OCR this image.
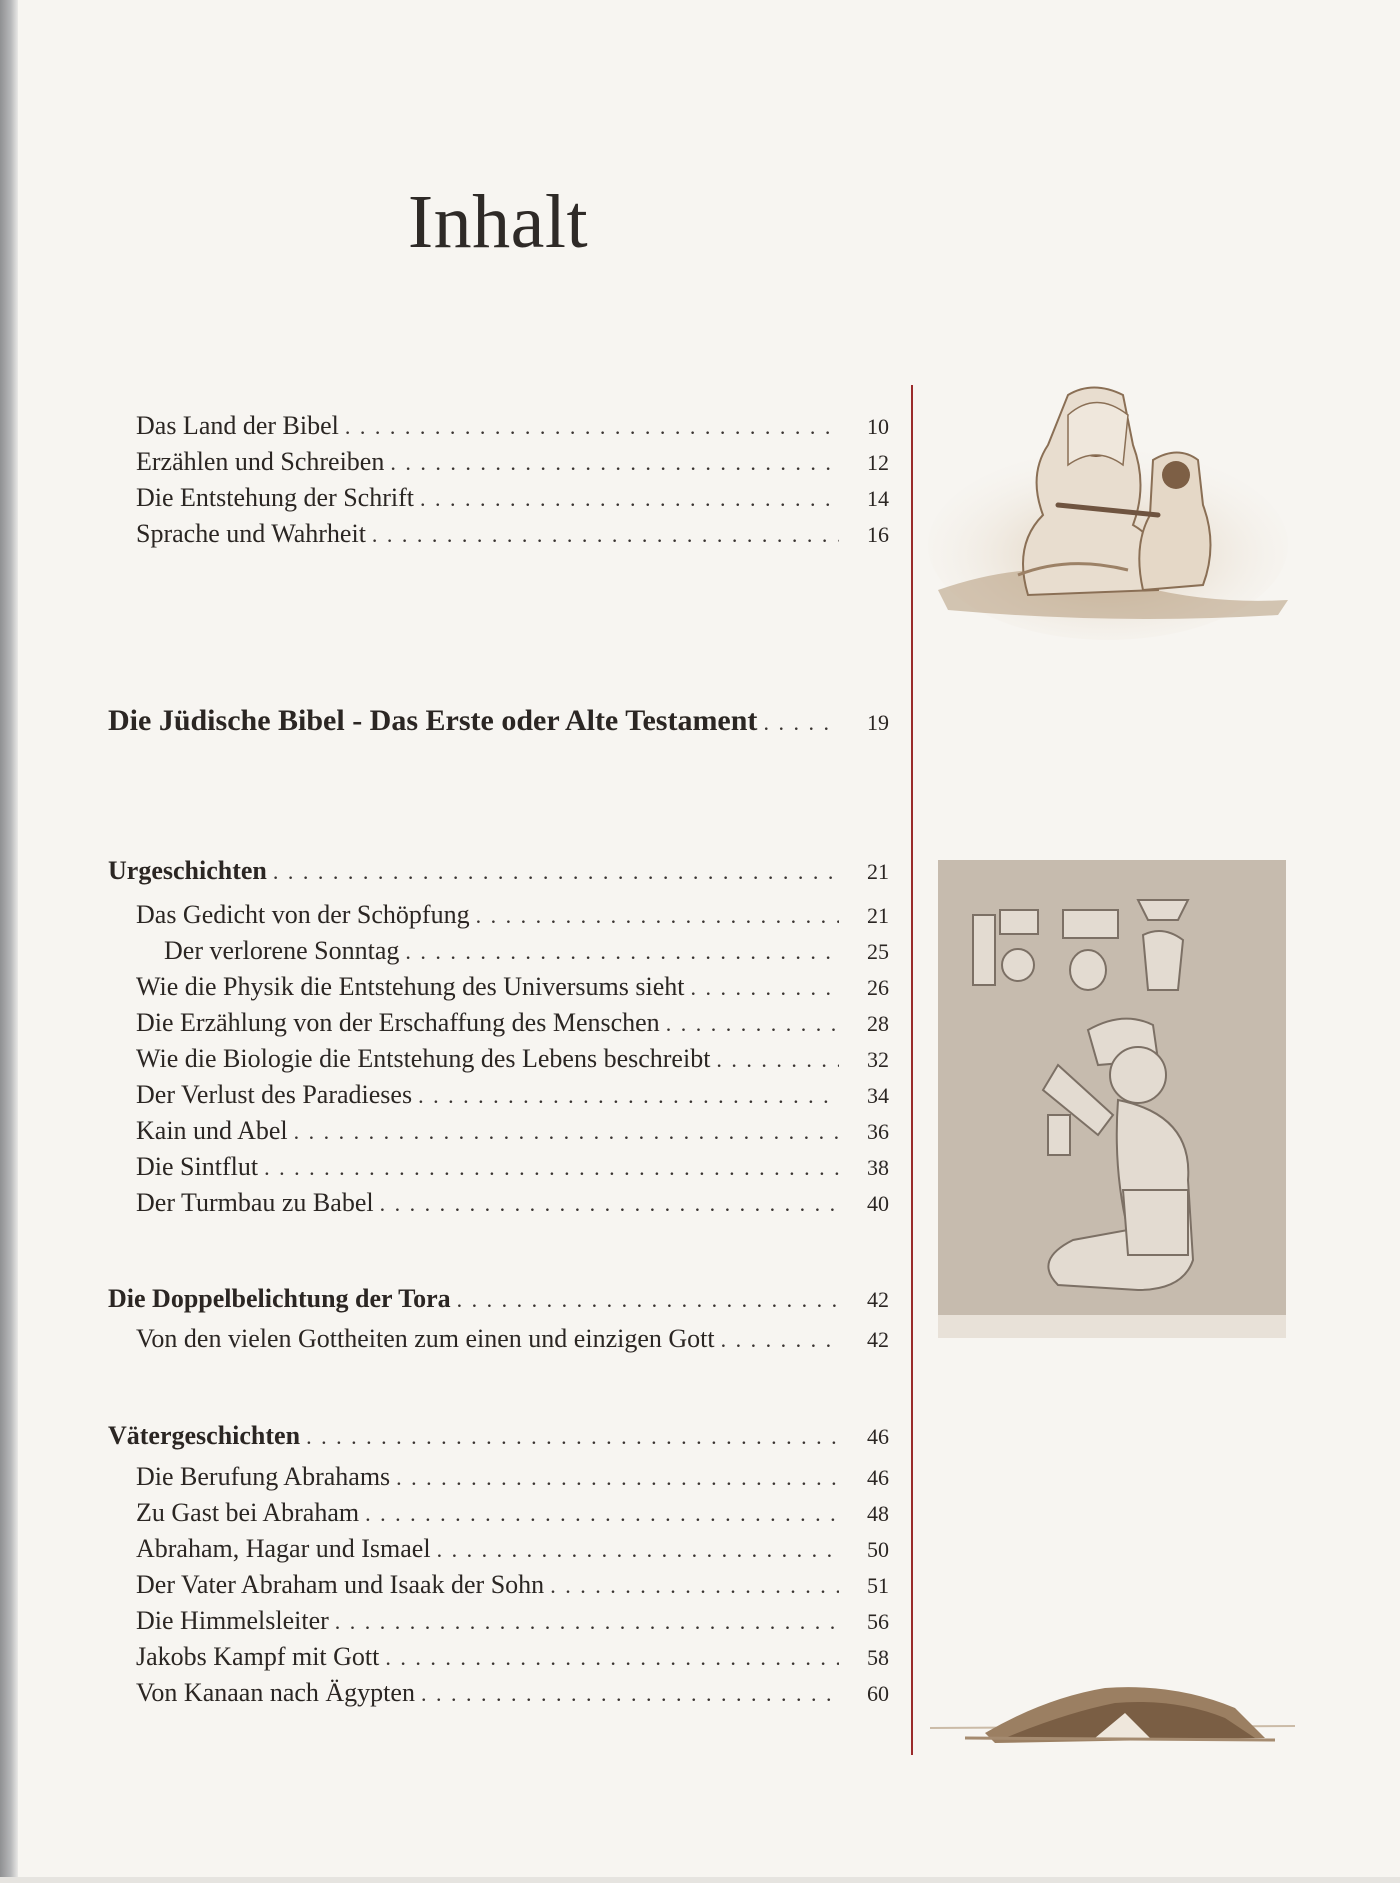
Inhalt
Das Land der Bibel . . .	10
Erzählen und Schreiben . . .	12
Die Entstehung der Schrift . . .	14
Sprache und Wahrheit . . .	16
Die Jüdische Bibel - Das Erste oder Alte Testament . . .	19
Urgeschichten . . .	21
Das Gedicht von der Schöpfung . . .	21
Der verlorene Sonntag . . .	25
Wie die Physik die Entstehung des Universums sieht . . .	26
Die Erzählung von der Erschaffung des Menschen . . .	28
Wie die Biologie die Entstehung des Lebens beschreibt . . .	32
Der Verlust des Paradieses . . .	34
Kain und Abel . . .	36
Die Sintflut . . .	38
Der Turmbau zu Babel . . .	40
Die Doppelbelichtung der Tora . . .	42
Von den vielen Gottheiten zum einen und einzigen Gott . . .	42
Vätergeschichten . . .	46
Die Berufung Abrahams . . .	46
Zu Gast bei Abraham . . .	48
Abraham, Hagar und Ismael . . .	50
Der Vater Abraham und Isaak der Sohn . . .	51
Die Himmelsleiter . . .	56
Jakobs Kampf mit Gott . . .	58
Von Kanaan nach Ägypten . . .	60
